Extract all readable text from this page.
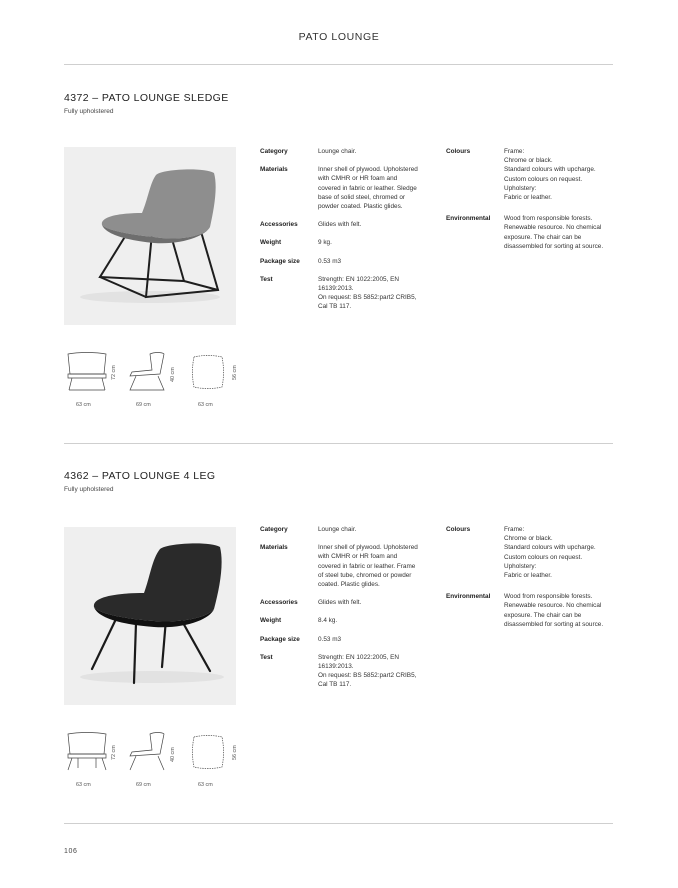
PATO LOUNGE
4372 – PATO LOUNGE SLEDGE
Fully upholstered
Category	Lounge chair.
Materials	Inner shell of plywood. Upholstered
with CMHR or HR foam and
covered in fabric or leather. Sledge
base of solid steel, chromed or
powder coated. Plastic glides.
Accessories	Glides with felt.
Weight	9 kg.
Package size	0.53 m3
Test	Strength: EN 1022:2005, EN
16139:2013.
On request: BS 5852:part2 CRIB5,
Cal TB 117.
Colours	Frame:
Chrome or black.
Standard colours with upcharge.
Custom colours on request.
Upholstery:
Fabric or leather.
Environmental Wood from responsible forests.
Renewable resource. No chemical
exposure. The chair can be
disassembled for sorting at source.
72 cm
63 cm
40 cm
69 cm
56 cm
63 cm
4362 – PATO LOUNGE 4 LEG
Fully upholstered
Category	Lounge chair.
Materials	Inner shell of plywood. Upholstered
with CMHR or HR foam and
covered in fabric or leather. Frame
of steel tube, chromed or powder
coated. Plastic glides.
Accessories	Glides with felt.
Weight	8.4 kg.
Package size	0.53 m3
Test	Strength: EN 1022:2005, EN
16139:2013.
On request: BS 5852:part2 CRIB5,
Cal TB 117.
Colours	Frame:
Chrome or black.
Standard colours with upcharge.
Custom colours on request.
Upholstery:
Fabric or leather.
Environmental Wood from responsible forests.
Renewable resource. No chemical
exposure. The chair can be
disassembled for sorting at source.
72 cm
63 cm
40 cm
69 cm
56 cm
63 cm
106
